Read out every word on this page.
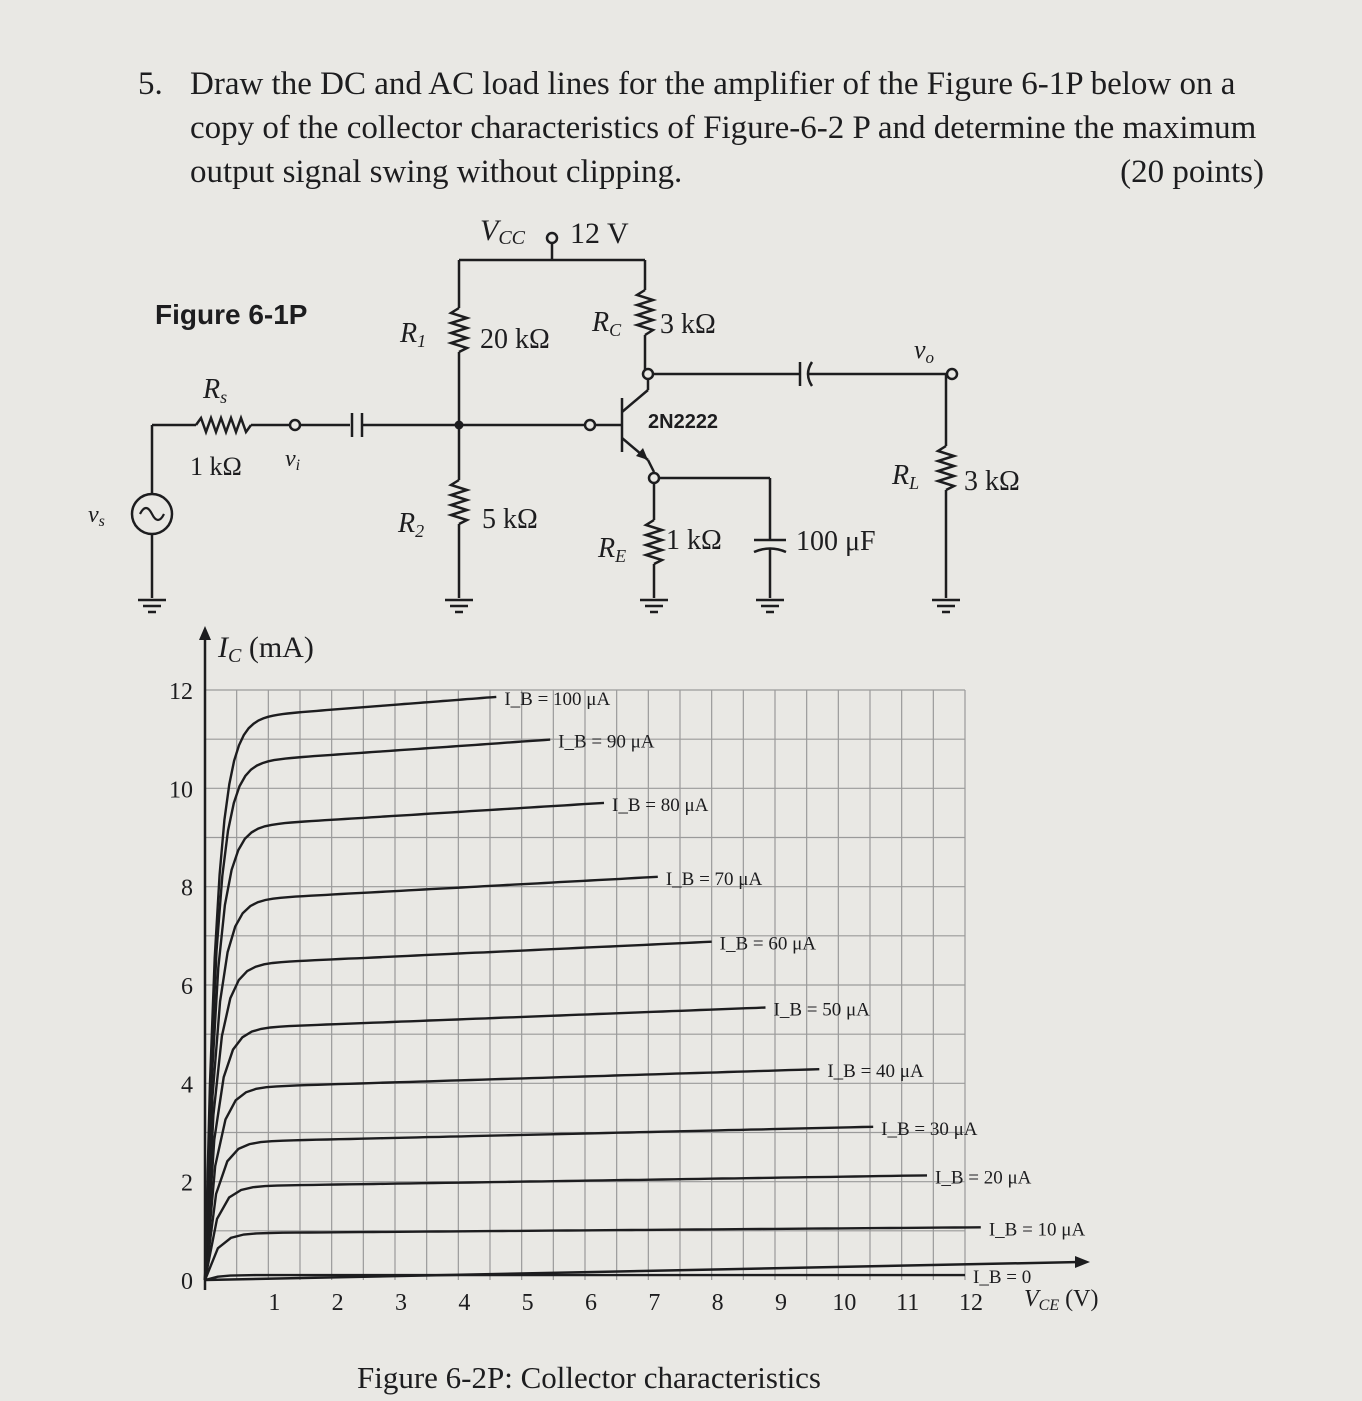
5. Draw the DC and AC load lines for the amplifier of the Figure 6-1P below on a
copy of the collector characteristics of Figure-6-2 P and determine the maximum
output signal swing without clipping.	(20 points)
Figure 6-1P
VCC 12 V
R1 20 kΩ
R2 5 kΩ
2N2222
RC 3 kΩ
vo
RL 3 kΩ
RE 1 kΩ	100 μF
Rs
1 kΩ vi
vs
IC (mA)
VCE (V)
0
2
4
6
8
10
12
1 2 3 4 5 6 7 8 9 10 11 12
I_B = 0
I_B = 10 μA
I_B = 20 μA
I_B = 30 μA
I_B = 40 μA
I_B = 50 μA
I_B = 60 μA
I_B = 70 μA
I_B = 80 μA
I_B = 90 μA
I_B = 100 μA
Figure 6-2P: Collector characteristics
